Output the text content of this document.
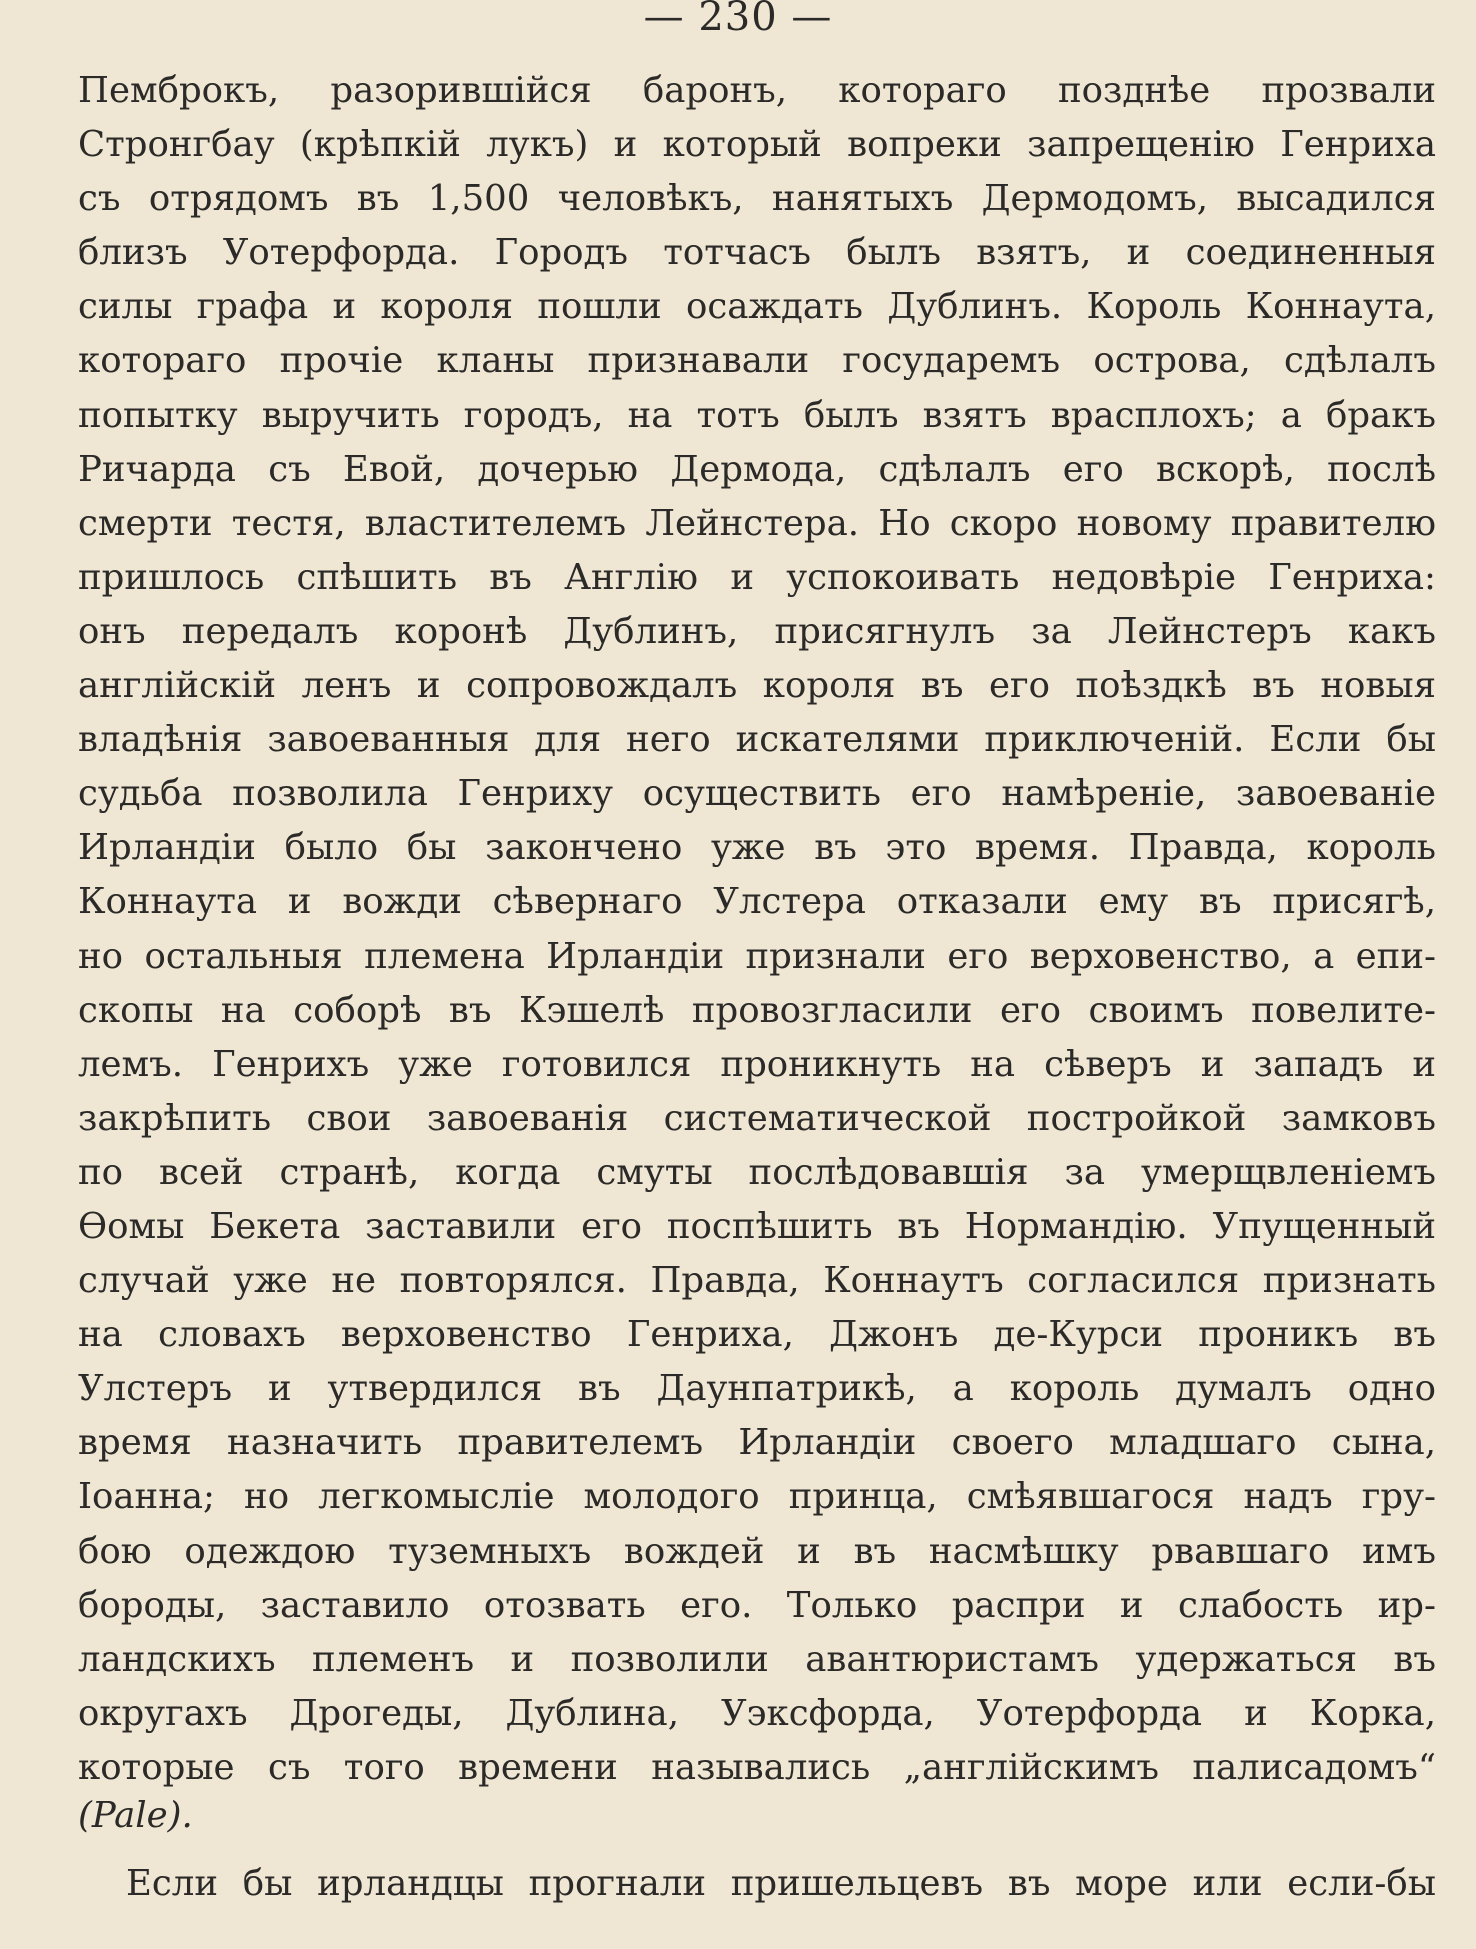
— 230 —
Пемброкъ, разорившійся баронъ, котораго позднѣе прозвали
Стронгбау (крѣпкій лукъ) и который вопреки запрещенію Генриха
съ отрядомъ въ 1,500 человѣкъ, нанятыхъ Дермодомъ, высадился
близъ Уотерфорда. Городъ тотчасъ былъ взятъ, и соединенныя
силы графа и короля пошли осаждать Дублинъ. Король Коннаута,
котораго прочіе кланы признавали государемъ острова, сдѣлалъ
попытку выручить городъ, на тотъ былъ взятъ врасплохъ; а бракъ
Ричарда съ Евой, дочерью Дермода, сдѣлалъ его вскорѣ, послѣ
смерти тестя, властителемъ Лейнстера. Но скоро новому правителю
пришлось спѣшить въ Англію и успокоивать недовѣріе Генриха:
онъ передалъ коронѣ Дублинъ, присягнулъ за Лейнстеръ какъ
англійскій ленъ и сопровождалъ короля въ его поѣздкѣ въ новыя
владѣнія завоеванныя для него искателями приключеній. Если бы
судьба позволила Генриху осуществить его намѣреніе, завоеваніе
Ирландіи было бы закончено уже въ это время. Правда, король
Коннаута и вожди сѣвернаго Улстера отказали ему въ присягѣ,
но остальныя племена Ирландіи признали его верховенство, а епи-
скопы на соборѣ въ Кэшелѣ провозгласили его своимъ повелите-
лемъ. Генрихъ уже готовился проникнуть на сѣверъ и западъ и
закрѣпить свои завоеванія систематической постройкой замковъ
по всей странѣ, когда смуты послѣдовавшія за умерщвленіемъ
Ѳомы Бекета заставили его поспѣшить въ Нормандію. Упущенный
случай уже не повторялся. Правда, Коннаутъ согласился признать
на словахъ верховенство Генриха, Джонъ де-Курси проникъ въ
Улстеръ и утвердился въ Даунпатрикѣ, а король думалъ одно
время назначить правителемъ Ирландіи своего младшаго сына,
Іоанна; но легкомысліе молодого принца, смѣявшагося надъ гру-
бою одеждою туземныхъ вождей и въ насмѣшку рвавшаго имъ
бороды, заставило отозвать его. Только распри и слабость ир-
ландскихъ племенъ и позволили авантюристамъ удержаться въ
округахъ Дрогеды, Дублина, Уэксфорда, Уотерфорда и Корка,
которые съ того времени назывались „англійскимъ палисадомъ“
(Pale).
Если бы ирландцы прогнали пришельцевъ въ море или если-бы
